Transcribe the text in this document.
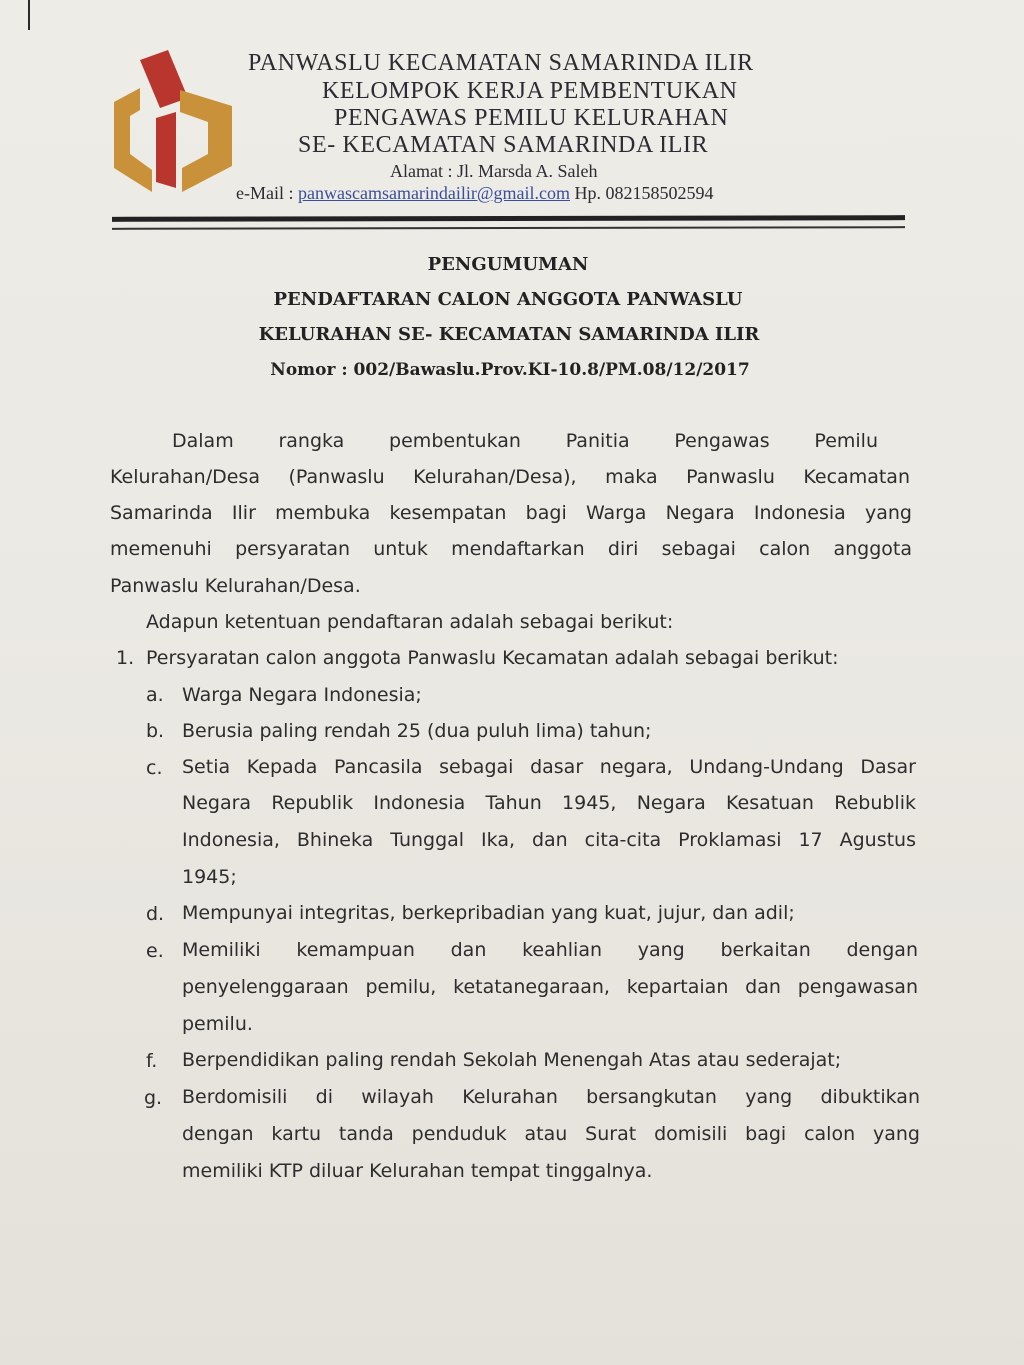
PANWASLU KECAMATAN SAMARINDA ILIR
KELOMPOK KERJA PEMBENTUKAN
PENGAWAS PEMILU KELURAHAN
SE- KECAMATAN SAMARINDA ILIR
Alamat : Jl. Marsda A. Saleh
e-Mail : panwascamsamarindailir@gmail.com Hp. 082158502594
PENGUMUMAN
PENDAFTARAN CALON ANGGOTA PANWASLU
KELURAHAN SE- KECAMATAN SAMARINDA ILIR
Nomor : 002/Bawaslu.Prov.KI-10.8/PM.08/12/2017
Dalam rangka pembentukan Panitia Pengawas Pemilu
Kelurahan/Desa (Panwaslu Kelurahan/Desa), maka Panwaslu Kecamatan
Samarinda Ilir membuka kesempatan bagi Warga Negara Indonesia yang
memenuhi persyaratan untuk mendaftarkan diri sebagai calon anggota
Panwaslu Kelurahan/Desa.
Adapun ketentuan pendaftaran adalah sebagai berikut:
1. Persyaratan calon anggota Panwaslu Kecamatan adalah sebagai berikut:
a. Warga Negara Indonesia;
b. Berusia paling rendah 25 (dua puluh lima) tahun;
c. Setia Kepada Pancasila sebagai dasar negara, Undang-Undang Dasar
Negara Republik Indonesia Tahun 1945, Negara Kesatuan Rebublik
Indonesia, Bhineka Tunggal Ika, dan cita-cita Proklamasi 17 Agustus
1945;
d. Mempunyai integritas, berkepribadian yang kuat, jujur, dan adil;
e. Memiliki kemampuan dan keahlian yang berkaitan dengan
penyelenggaraan pemilu, ketatanegaraan, kepartaian dan pengawasan
pemilu.
f. Berpendidikan paling rendah Sekolah Menengah Atas atau sederajat;
g. Berdomisili di wilayah Kelurahan bersangkutan yang dibuktikan
dengan kartu tanda penduduk atau Surat domisili bagi calon yang
memiliki KTP diluar Kelurahan tempat tinggalnya.
